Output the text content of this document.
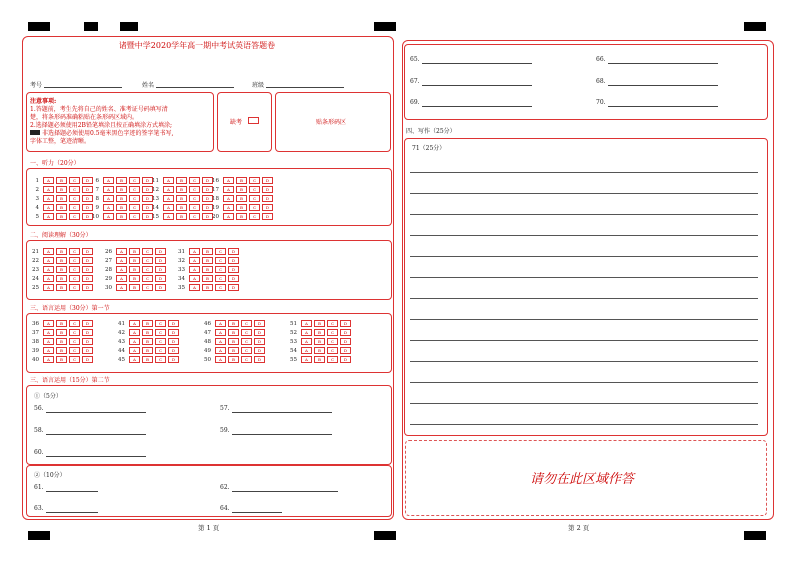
诸暨中学2020学年高一期中考试英语答题卷
考号	姓名	班级
注意事项:
1.答题前，考生先将自己的姓名、准考证号码填写清
楚，将条形码准确粘贴在条形码区域内。
2.选择题必须使用2B铅笔填涂且按正确填涂方式填涂;
非选择题必须使用0.5毫米黑色字迹的签字笔书写,
字体工整，笔迹清晰。
缺考	贴条形码区
一、听力（20分）
二、阅读理解（30分）
三、语言运用（30分）第一节
三、语言运用（15分）第二节
①（5分）
56.	57.
58.	59.
60.
②（10分）
61.	62.
63.	64.
第 1 页
四、写作（25分）
71（25分）
请勿在此区域作答
第 2 页
1 A	B	C D
2 A	B	C D
3 A	B	C D
4 A	B	C D
5 A	B	C D
6 A	B	C D
7 A	B	C D
8 A	B	C D
9 A	B	C D
10 A	B	C D
11 A	B	C D
12 A	B	C D
13 A	B	C D
14 A	B	C D
15 A	B	C D
16 A	B	C D
17 A	B	C D
18 A	B	C D
19 A	B	C D
20 A	B	C D
21 A	B	C D
22 A	B	C D
23 A	B	C D
24 A	B	C D
25 A	B	C D
26 A	B	C D
27 A	B	C D
28 A	B	C D
29 A	B	C D
30 A	B	C D
31 A	B	C D
32 A	B	C D
33 A	B	C D
34 A	B	C D
35 A	B	C D
36 A	B	C D
37 A	B	C D
38 A	B	C D
39 A	B	C D
40 A	B	C D
41 A	B	C D
42 A	B	C D
43 A	B	C D
44 A	B	C D
45 A	B	C D
46 A	B	C D
47 A	B	C D
48 A	B	C D
49 A	B	C D
50 A	B	C D
51 A	B	C D
52 A	B	C D
53 A	B	C D
54 A	B	C D
55 A	B	C D
65.	66.
67.	68.
69.	70.
